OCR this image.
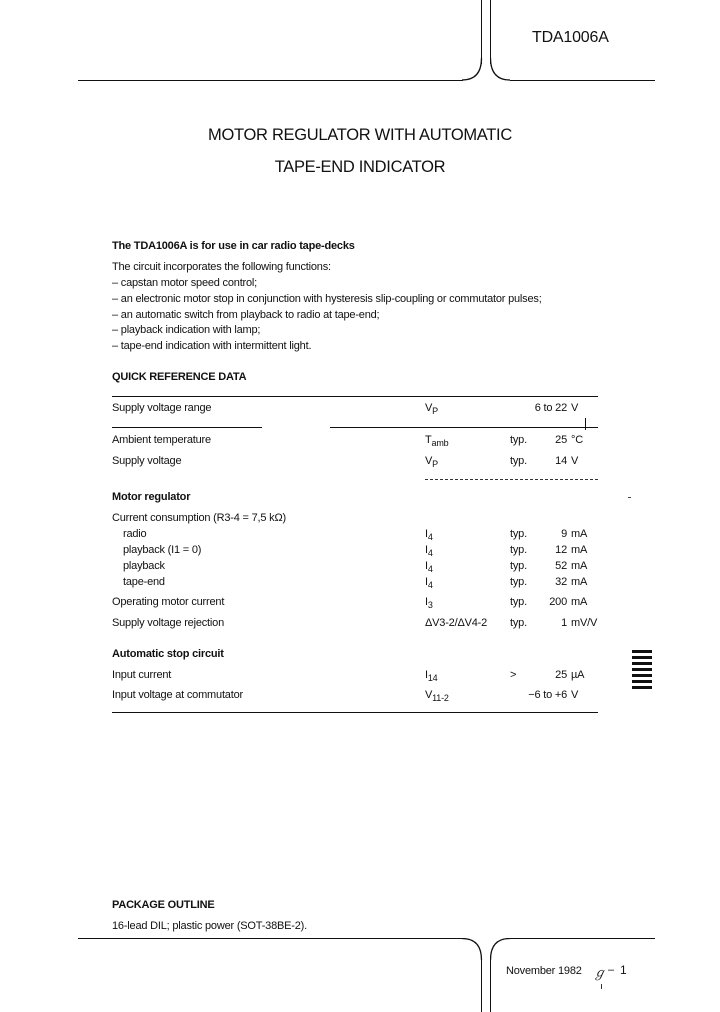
TDA1006A
MOTOR REGULATOR WITH AUTOMATIC
TAPE-END INDICATOR
The TDA1006A is for use in car radio tape-decks
The circuit incorporates the following functions:
– capstan motor speed control;
– an electronic motor stop in conjunction with hysteresis slip-coupling or commutator pulses;
– an automatic switch from playback to radio at tape-end;
– playback indication with lamp;
– tape-end indication with intermittent light.
QUICK REFERENCE DATA
Supply voltage range	$V_P$	6 to 22 V
Ambient temperature	$T_{amb}$	typ.	25 °C
Supply voltage	$V_P$	typ.	14 V
Motor regulator
Current consumption (R3-4 = 7,5 kΩ)
radio	$I_4$	typ.	9 mA
playback (I1 = 0)	$I_4$	typ.	12 mA
playback	$I_4$	typ.	52 mA
tape-end	$I_4$	typ.	32 mA
Operating motor current	$I_3$	typ.	200 mA
Supply voltage rejection	ΔV3-2/ΔV4-2 typ.	1 mV/V
Automatic stop circuit
Input current	$I_{14}$	>	25 µA
Input voltage at commutator	$V_{11-2}$	−6 to +6 V
PACKAGE OUTLINE
16-lead DIL; plastic power (SOT-38BE-2).
November 1982 ℊ – 1
